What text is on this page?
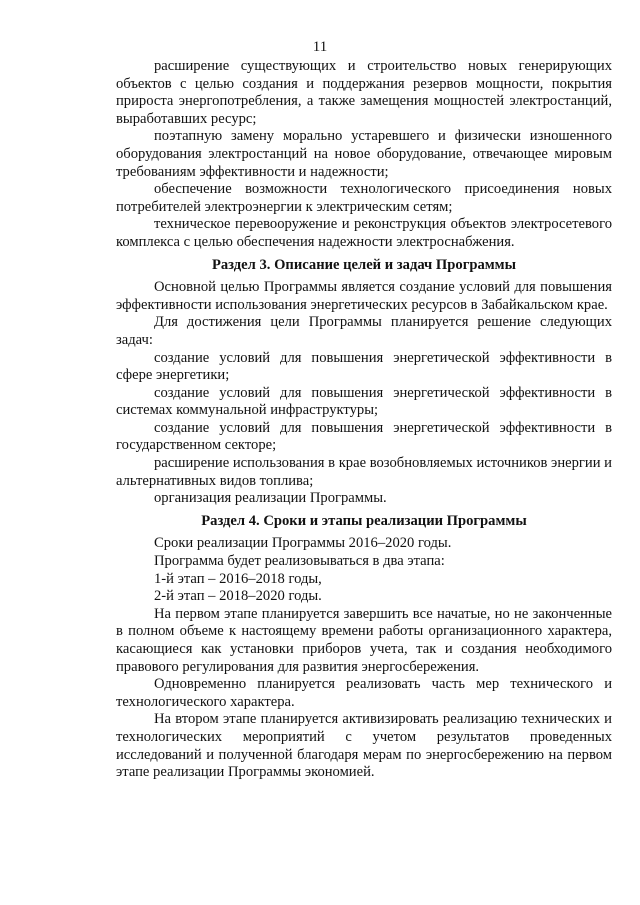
11

расширение существующих и строительство новых генерирующих объектов с целью создания и поддержания резервов мощности, покрытия прироста энергопотребления, а также замещения мощностей электростанций, выработавших ресурс;

поэтапную замену морально устаревшего и физически изношенного оборудования электростанций на новое оборудование, отвечающее мировым требованиям эффективности и надежности;

обеспечение возможности технологического присоединения новых потребителей электроэнергии к электрическим сетям;

техническое перевооружение и реконструкция объектов электросетевого комплекса с целью обеспечения надежности электроснабжения.

Раздел 3. Описание целей и задач Программы

Основной целью Программы является создание условий для повышения эффективности использования энергетических ресурсов в Забайкальском крае.

Для достижения цели Программы планируется решение следующих задач:

создание условий для повышения энергетической эффективности в сфере энергетики;

создание условий для повышения энергетической эффективности в системах коммунальной инфраструктуры;

создание условий для повышения энергетической эффективности в государственном секторе;

расширение использования в крае возобновляемых источников энергии и альтернативных видов топлива;

организация реализации Программы.

Раздел 4. Сроки и этапы реализации Программы

Сроки реализации Программы 2016–2020 годы.

Программа будет реализовываться в два этапа:

1-й этап – 2016–2018 годы,

2-й этап – 2018–2020 годы.

На первом этапе планируется завершить все начатые, но не законченные в полном объеме к настоящему времени работы организационного характера, касающиеся как установки приборов учета, так и создания необходимого правового регулирования для развития энергосбережения.

Одновременно планируется реализовать часть мер технического и технологического характера.

На втором этапе планируется активизировать реализацию технических и технологических мероприятий с учетом результатов проведенных исследований и полученной благодаря мерам по энергосбережению на первом этапе реализации Программы экономией.
